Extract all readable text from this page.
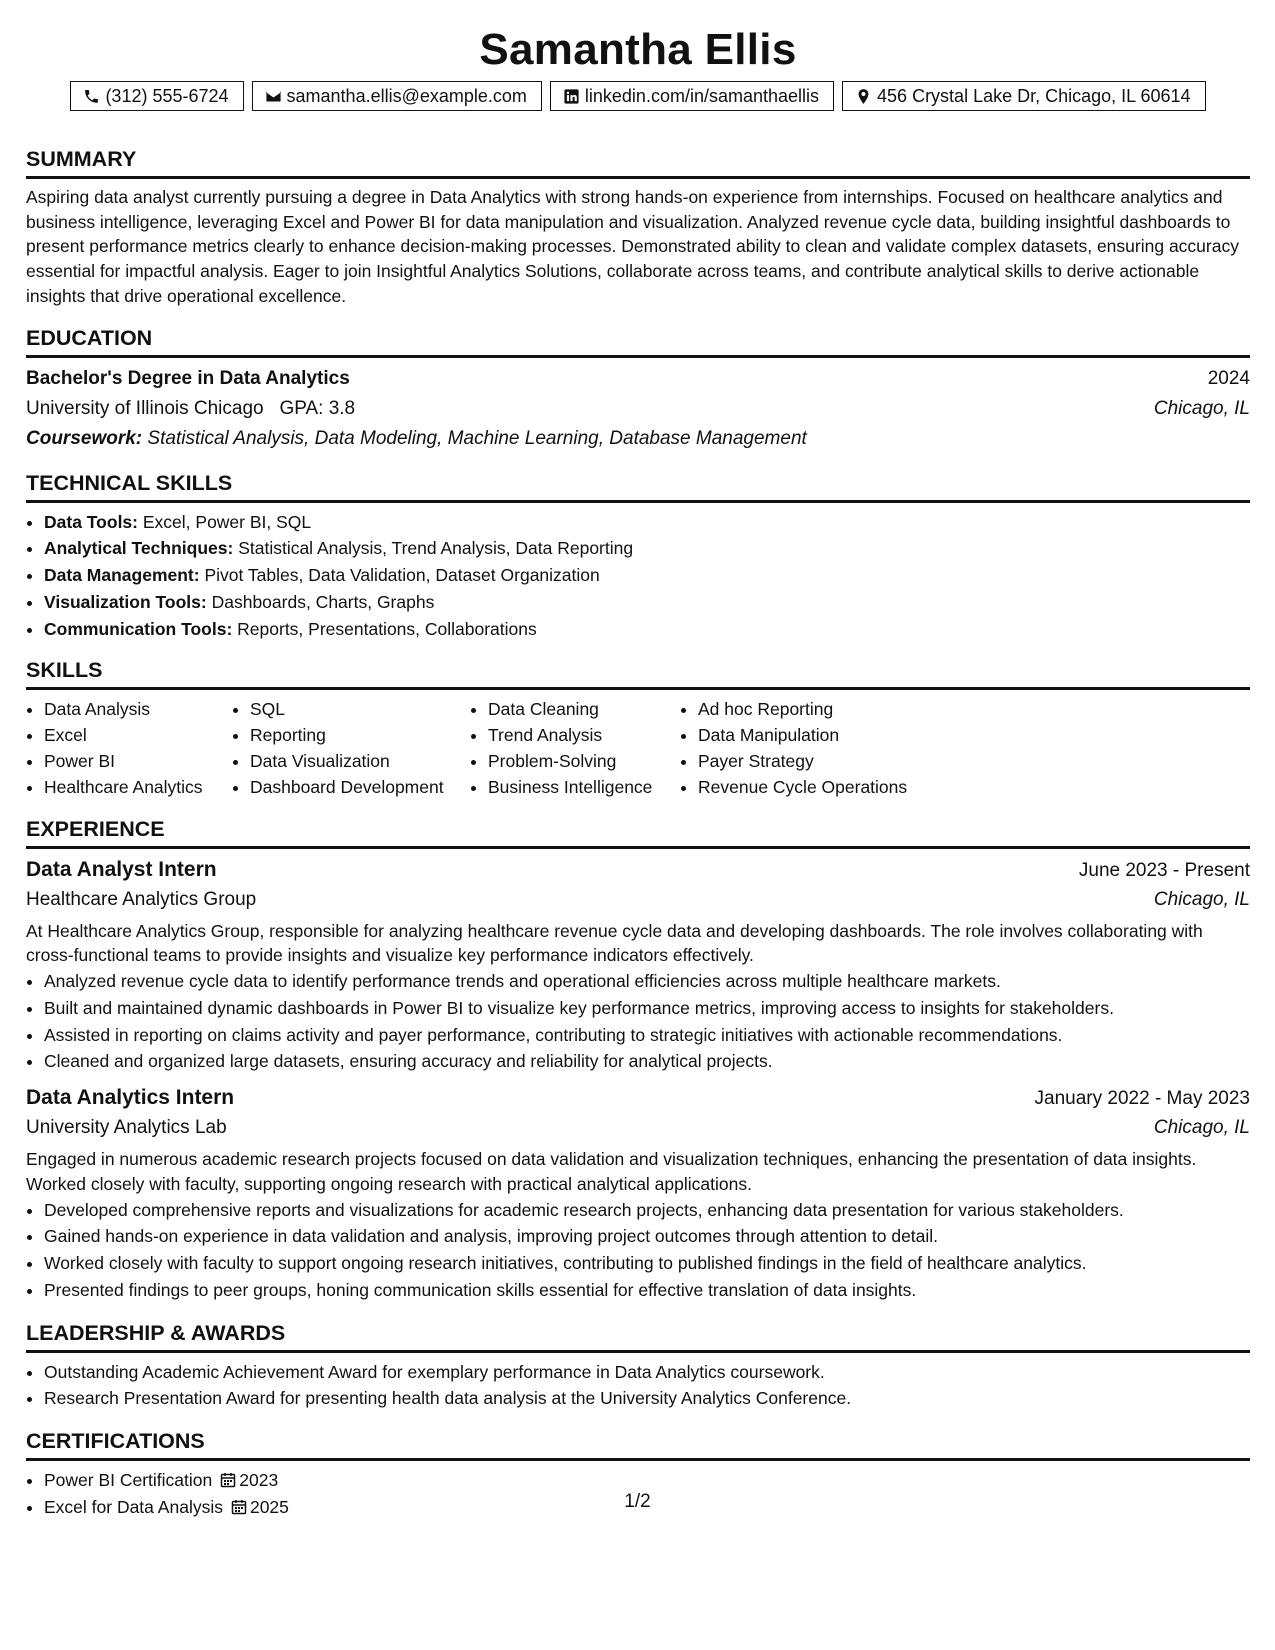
Samantha Ellis
(312) 555-6724	samantha.ellis@example.com	linkedin.com/in/samanthaellis	456 Crystal Lake Dr, Chicago, IL 60614
SUMMARY

Aspiring data analyst currently pursuing a degree in Data Analytics with strong hands-on experience from internships. Focused on healthcare analytics and business intelligence, leveraging Excel and Power BI for data manipulation and visualization. Analyzed revenue cycle data, building insightful dashboards to present performance metrics clearly to enhance decision-making processes. Demonstrated ability to clean and validate complex datasets, ensuring accuracy essential for impactful analysis. Eager to join Insightful Analytics Solutions, collaborate across teams, and contribute analytical skills to derive actionable insights that drive operational excellence.

EDUCATION
Bachelor's Degree in Data Analytics	2024
University of Illinois Chicago GPA: 3.8	Chicago, IL
Coursework: Statistical Analysis, Data Modeling, Machine Learning, Database Management
TECHNICAL SKILLS
• Data Tools: Excel, Power BI, SQL
• Analytical Techniques: Statistical Analysis, Trend Analysis, Data Reporting
• Data Management: Pivot Tables, Data Validation, Dataset Organization
• Visualization Tools: Dashboards, Charts, Graphs
• Communication Tools: Reports, Presentations, Collaborations
SKILLS
• Data Analysis
• Excel
• Power BI
• Healthcare Analytics
• SQL
• Reporting
• Data Visualization
• Dashboard Development
• Data Cleaning
• Trend Analysis
• Problem-Solving
• Business Intelligence
• Ad hoc Reporting
• Data Manipulation
• Payer Strategy
• Revenue Cycle Operations
EXPERIENCE
Data Analyst Intern	June 2023 - Present
Healthcare Analytics Group	Chicago, IL

At Healthcare Analytics Group, responsible for analyzing healthcare revenue cycle data and developing dashboards. The role involves collaborating with cross-functional teams to provide insights and visualize key performance indicators effectively.

• Analyzed revenue cycle data to identify performance trends and operational efficiencies across multiple healthcare markets.
• Built and maintained dynamic dashboards in Power BI to visualize key performance metrics, improving access to insights for stakeholders.
• Assisted in reporting on claims activity and payer performance, contributing to strategic initiatives with actionable recommendations.
• Cleaned and organized large datasets, ensuring accuracy and reliability for analytical projects.
Data Analytics Intern	January 2022 - May 2023
University Analytics Lab	Chicago, IL

Engaged in numerous academic research projects focused on data validation and visualization techniques, enhancing the presentation of data insights. Worked closely with faculty, supporting ongoing research with practical analytical applications.

• Developed comprehensive reports and visualizations for academic research projects, enhancing data presentation for various stakeholders.
• Gained hands-on experience in data validation and analysis, improving project outcomes through attention to detail.
• Worked closely with faculty to support ongoing research initiatives, contributing to published findings in the field of healthcare analytics.
• Presented findings to peer groups, honing communication skills essential for effective translation of data insights.
LEADERSHIP & AWARDS
• Outstanding Academic Achievement Award for exemplary performance in Data Analytics coursework.
• Research Presentation Award for presenting health data analysis at the University Analytics Conference.
CERTIFICATIONS
• Power BI Certification 2023
• Excel for Data Analysis 2025	1/2
